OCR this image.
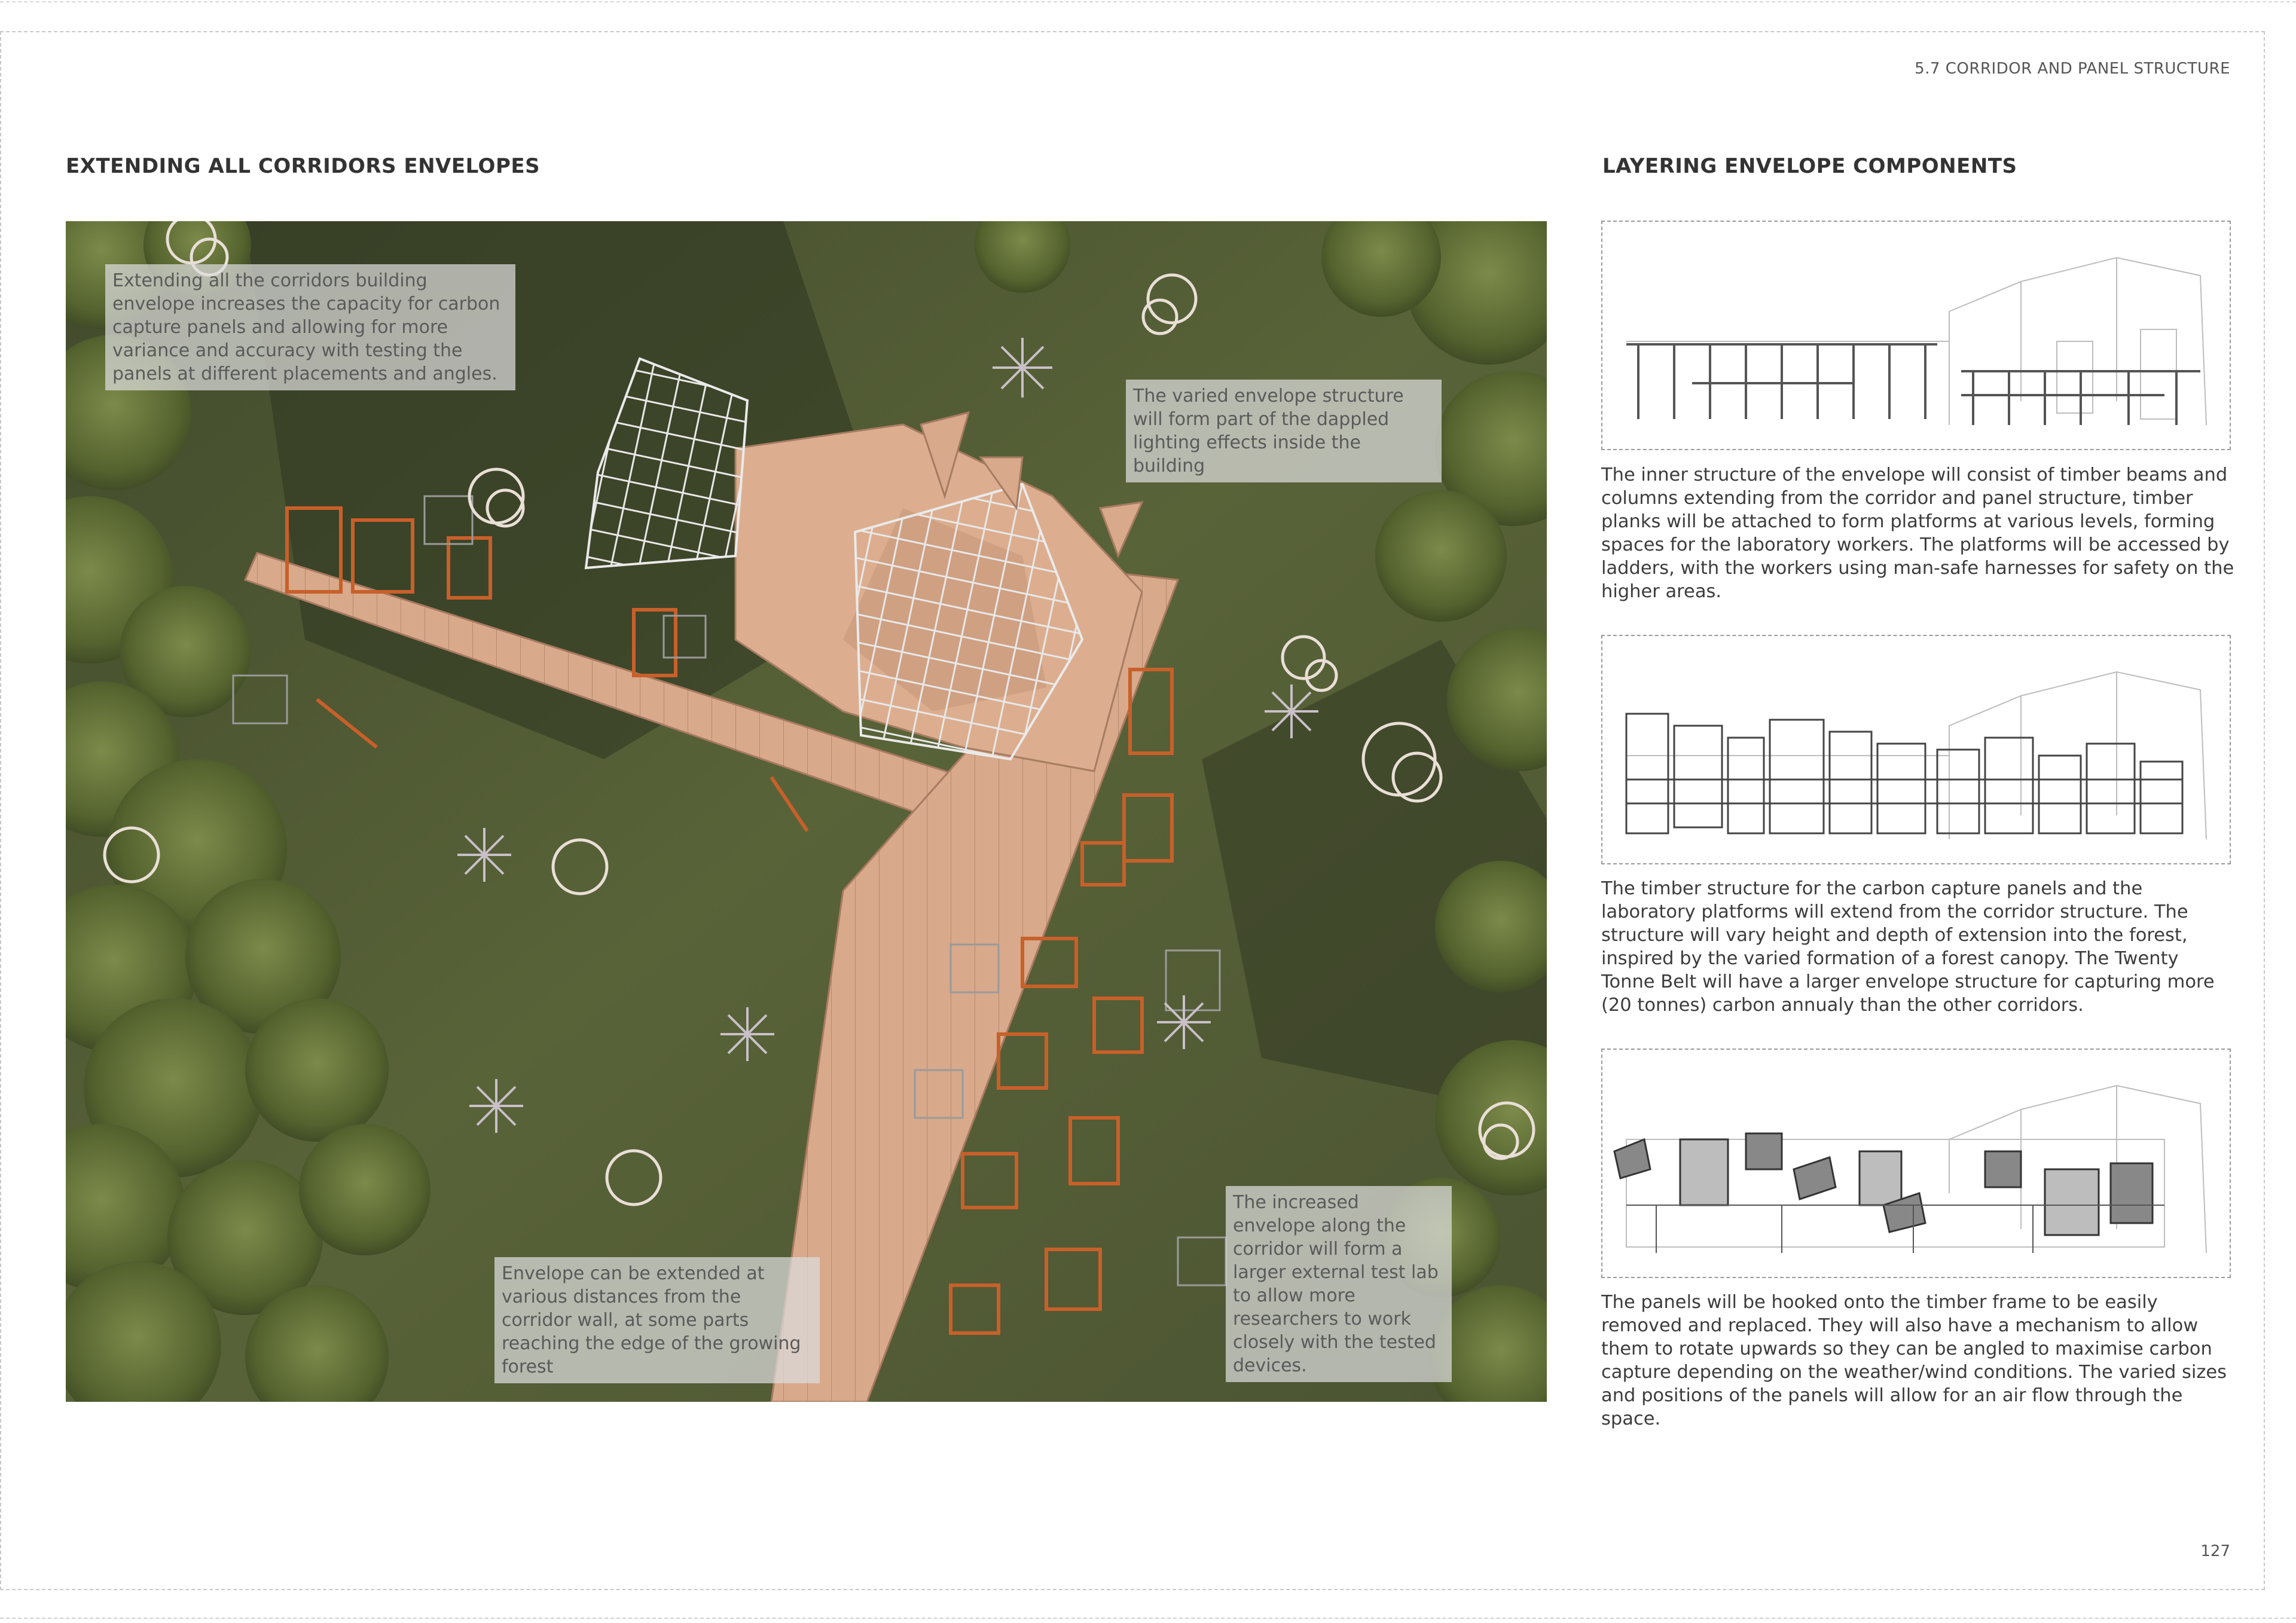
5.7 CORRIDOR AND PANEL STRUCTURE
EXTENDING ALL CORRIDORS ENVELOPES	LAYERING ENVELOPE COMPONENTS
Extending all the corridors building envelope increases the capacity for carbon capture panels and allowing for more variance and accuracy with testing the panels at different placements and angles.
The varied envelope structure will form part of the dappled lighting effects inside the building
Envelope can be extended at various distances from the corridor wall, at some parts reaching the edge of the growing forest
The increased envelope along the corridor will form a larger external test lab to allow more researchers to work closely with the tested devices.
The inner structure of the envelope will consist of timber beams and columns extending from the corridor and panel structure, timber planks will be attached to form platforms at various levels, forming spaces for the laboratory workers. The platforms will be accessed by ladders, with the workers using man-safe harnesses for safety on the higher areas.
The timber structure for the carbon capture panels and the laboratory platforms will extend from the corridor structure. The structure will vary height and depth of extension into the forest, inspired by the varied formation of a forest canopy. The Twenty Tonne Belt will have a larger envelope structure for capturing more (20 tonnes) carbon annualy than the other corridors.
The panels will be hooked onto the timber frame to be easily removed and replaced. They will also have a mechanism to allow them to rotate upwards so they can be angled to maximise carbon capture depending on the weather/wind conditions. The varied sizes and positions of the panels will allow for an air flow through the space.
127
